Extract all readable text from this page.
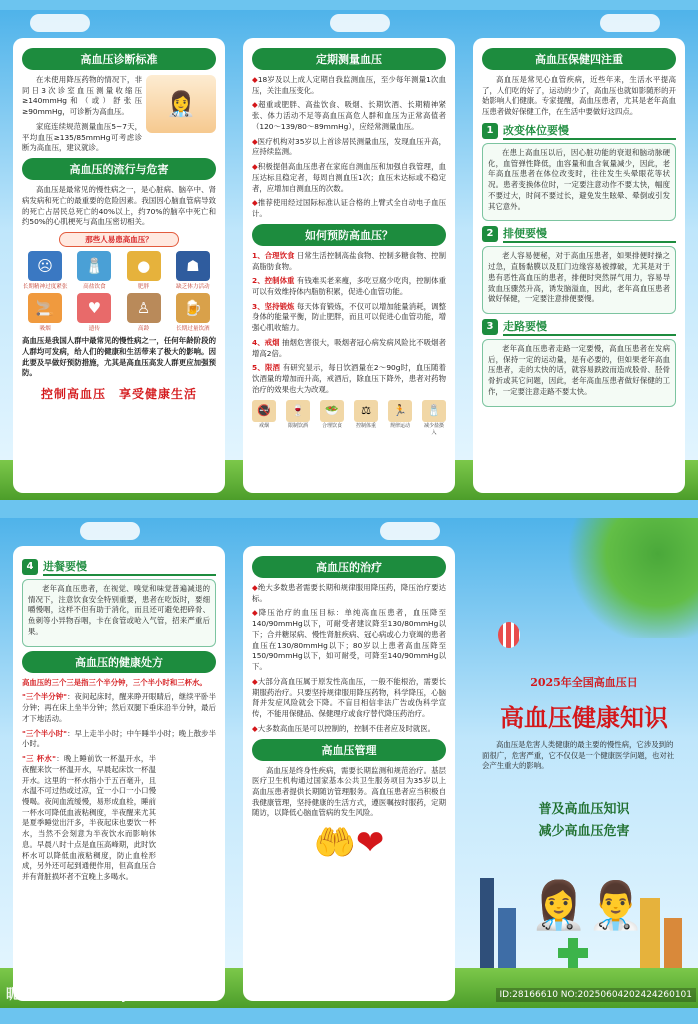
高血压诊断标准
👩‍⚕️

在未使用降压药物的情况下，非同日3次诊室血压测量收缩压≥140mmHg和（或）舒张压≥90mmHg，可诊断为高血压。

家庭连续规范测量血压5~7天，平均血压≥135/85mmHg可考虑诊断为高血压，建议就诊。

高血压的流行与危害

高血压是最常见的慢性病之一，是心脏病、脑卒中、肾病发病和死亡的最重要的危险因素。我国因心脑血管病导致的死亡占居民总死亡的40%以上，约70%的脑卒中死亡和约50%的心肌梗死与高血压密切相关。

那些人易患高血压？
☹
长期精神过度紧张
🧂
高盐饮食
●
肥胖
☗
缺乏体力活动
🚬
吸烟
♥
遗传
♙
高龄
🍺
长期过量饮酒

高血压是我国人群中最常见的慢性病之一，任何年龄阶段的人群均可发病，给人们的健康和生活带来了极大的影响。因此要及早做好预防措施，尤其是高血压高发人群更应加强预防。

控制高血压　享受健康生活
定期测量血压

◆18岁及以上成人定期自我监测血压，至少每年测量1次血压，关注血压变化。

◆超重或肥胖、高盐饮食、吸烟、长期饮酒、长期精神紧张、体力活动不足等高血压高危人群和血压为正常高值者（120～139/80～89mmHg），应经常测量血压。

◆医疗机构对35岁以上首诊居民测量血压，发现血压升高，应持续监测。

◆积极提倡高血压患者在家庭自测血压和加强自我管理，血压达标且稳定者，每周自测血压1次；血压未达标或不稳定者，应增加自测血压的次数。

◆推荐使用经过国际标准认证合格的上臂式全自动电子血压计。

如何预防高血压？

1、合理饮食 日常生活控制高盐食物、控制多糖食物、控制高脂肪食物。

2、控制体重 有钱难买老来瘦，多吃豆腐少吃肉，控制体重可以有效维持体内脂肪积累，促进心血管功能。

3、坚持锻炼 每天体育锻炼，不仅可以增加能量消耗，调整身体的能量平衡，防止肥胖，而且可以促进心血管功能，增强心肌收缩力。

4、戒烟 抽烟危害很大，吸烟者冠心病发病风险比不吸烟者增高2倍。

5、限酒 有研究显示，每日饮酒量在2～90g时，血压随着饮酒量的增加而升高，戒酒后，除血压下降外，患者对药物治疗的效果也大为改观。

🚭
戒烟
🍷
限制饮酒
🥗
合理饮食
⚖
控制体重
🏃
规律运动
🧂
减少盐摄入
高血压保健四注重

高血压是常见心血管疾病，近些年来，生活水平提高了，人们吃的好了，运动的少了，高血压也就如影随形的开始影响人们健康。专家提醒，高血压患者，尤其是老年高血压患者做好保健工作，在生活中要做好这四点。

1 改变体位要慢

在患上高血压以后，因心脏功能的衰退和脑动脉硬化，血管弹性降低，血容量和血含氧量减少，因此，老年高血压患者在体位改变时，往往发生头晕眼花等状况。患者变换体位时，一定要注意动作不要太快，幅度不要过大，时间不要过长，避免发生眩晕、晕倒或引发其它意外。

2 排便要慢

老人容易便秘，对于高血压患者，如果排便时操之过急，直肠黏膜以及肛门边缘容易被撑破，尤其是对于患有恶性高血压的患者，排便时突然屏气用力，容易导致血压骤然升高，诱发脑溢血，因此，老年高血压患者做好保健，一定要注意排便要慢。

3 走路要慢

老年高血压患者走路一定要慢，高血压患者在发病后，保持一定的运动量，是有必要的，但如果老年高血压患者，走的太快的话，就容易跌跤而造成股骨、胫骨骨折或其它问题，因此，老年高血压患者做好保健的工作，一定要注意走路不要太快。

4 进餐要慢

老年高血压患者，在视觉、嗅觉和味觉普遍减退的情况下，注意饮食安全特别重要，患者在吃饭时，要细嚼慢咽，这样不但有助于消化，而且还可避免把碎骨、鱼刺等小异物吞咽，卡在食管或呛入气管，招来严重后果。

高血压的健康处方

高血压的三个三是指三个半分钟，三个半小时和三杯水。

"三个半分钟"：夜间起床时，醒来睁开眼睛后，继续平卧半分钟；再在床上坐半分钟；然后双腿下垂床沿半分钟，最后才下地活动。

"三个半小时"：早上走半小时；中午睡半小时；晚上散步半小时。

"三 杯水"：晚上睡前饮一杯温开水，半夜醒来饮一杯温开水，早晨起床饮一杯温开水。这里的一杯水指小于五百毫升，且水温不可过热或过凉，宜一小口一小口慢慢喝。夜间血流缓慢，易形成血栓，睡前一杯水可降低血液粘稠度，半夜醒来尤其是夏季睡觉出汗多，半夜起床也要饮一杯水，当然不会刻意为半夜饮水而影响休息。早晨八时十点是血压高峰期，此时饮杯水可以降低血液粘稠度，防止血栓形成，另外还可起到通便作用，但高血压合并有肾脏损坏者不宜晚上多喝水。

高血压的治疗

◆绝大多数患者需要长期和规律服用降压药，降压治疗要达标。

◆降压治疗的血压目标：单纯高血压患者，血压降至140/90mmHg以下，可耐受者建议降至130/80mmHg以下；合并糖尿病、慢性肾脏疾病、冠心病或心力衰竭的患者血压在130/80mmHg以下；80岁以上患者高血压降至150/90mmHg以下，如可耐受，可降至140/90mmHg以下。

◆大部分高血压属于原发性高血压，一般不能根治，需要长期服药治疗。只要坚持规律服用降压药物，科学降压，心脑肾并发症风险就会下降。不盲目相信非法广告或伪科学宣传，不能用保健品、保健理疗或食疗替代降压药治疗。

◆大多数高血压是可以控制的，控制不佳者应及时就医。

高血压管理

高血压是终身性疾病，需要长期监测和规范治疗。基层医疗卫生机构通过国家基本公共卫生服务项目为35岁以上高血压患者提供长期随访管理服务。高血压患者应当积极自我健康管理，坚持健康的生活方式，遵医嘱按时服药，定期随访，以降低心脑血管病的发生风险。

🤲❤
2025年全国高血压日
高血压健康知识
高血压是危害人类健康的最主要的慢性病，它涉及到的面很广，危害严重，它不仅仅是一个健康医学问题，也对社会产生重大的影响。
普及高血压知识
减少高血压危害
👩‍⚕️👨‍⚕️
昵图网 www.nipic.com	ID:28166610 NO:20250604202424260101
